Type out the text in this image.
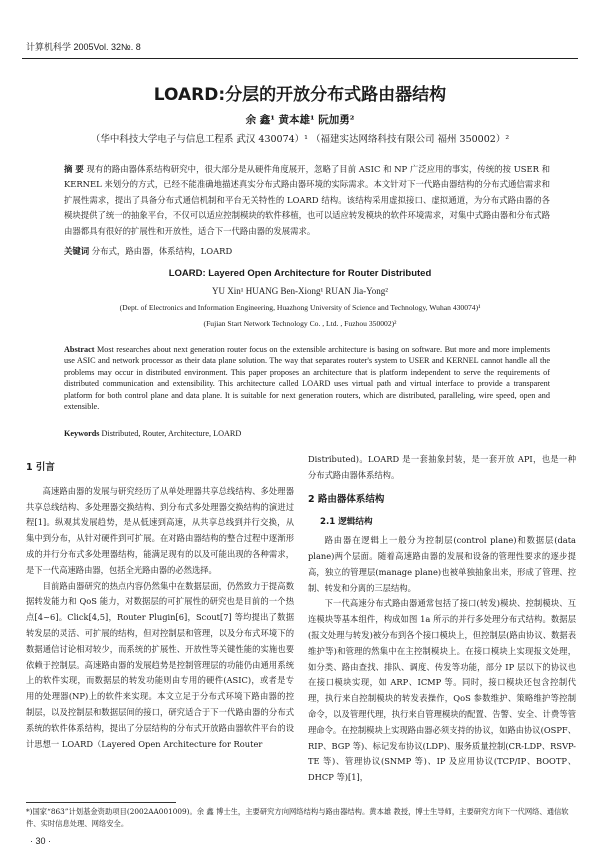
计算机科学 2005Vol. 32№. 8
LOARD:分层的开放分布式路由器结构
余 鑫¹ 黄本雄¹ 阮加勇²
（华中科技大学电子与信息工程系 武汉 430074）¹ （福建实达网络科技有限公司 福州 350002）²
摘 要 现有的路由器体系结构研究中，很大部分是从硬件角度展开，忽略了目前 ASIC 和 NP 广泛应用的事实，传统的按 USER 和 KERNEL 来划分的方式，已经不能准确地描述真实分布式路由器环境的实际需求。本文针对下一代路由器结构的分布式通信需求和扩展性需求，提出了具备分布式通信机制和平台无关特性的 LOARD 结构。该结构采用虚拟接口、虚拟通道，为分布式路由器的各模块提供了统一的抽象平台，不仅可以适应控制模块的软件移植，也可以适应转发模块的软件环境需求，对集中式路由器和分布式路由器都具有很好的扩展性和开放性，适合下一代路由器的发展需求。
关键词 分布式，路由器，体系结构，LOARD
LOARD: Layered Open Architecture for Router Distributed
YU Xin¹ HUANG Ben-Xiong¹ RUAN Jia-Yong²
(Dept. of Electronics and Information Engineering, Huazhong University of Science and Technology, Wuhan 430074)¹
(Fujian Start Network Technology Co. , Ltd. , Fuzhou 350002)²
Abstract Most researches about next generation router focus on the extensible architecture is basing on software. But more and more implements use ASIC and network processor as their data plane solution. The way that separates router's system to USER and KERNEL cannot handle all the problems may occur in distributed environment. This paper proposes an architecture that is platform independent to serve the requirements of distributed communication and extensibility. This architecture called LOARD uses virtual path and virtual interface to provide a transparent platform for both control plane and data plane. It is suitable for next generation routers, which are distributed, paralleling, wire speed, open and extensible.
Keywords Distributed, Router, Architecture, LOARD
1 引言

高速路由器的发展与研究经历了从单处理器共享总线结构、多处理器共享总线结构、多处理器交换结构、到分布式多处理器交换结构的演进过程[1]。纵观其发展趋势，是从低速到高速，从共享总线到并行交换，从集中到分布，从针对硬件到可扩展。在对路由器结构的整合过程中逐渐形成的并行分布式多处理器结构，能满足现有的以及可能出现的各种需求，是下一代高速路由器，包括全光路由器的必然选择。

目前路由器研究的热点内容仍然集中在数据层面，仍然致力于提高数据转发能力和 QoS 能力，对数据层的可扩展性的研究也是目前的一个热点[4~6]。Click[4,5]，Router Plugin[6]，Scout[7] 等均提出了数据转发层的灵活、可扩展的结构，但对控制层和管理，以及分布式环境下的数据通信讨论相对较少，而系统的扩展性、开放性等关键性能的实施也要依赖于控制层。高速路由器的发展趋势是控制管理层的功能仍由通用系统上的软件实现，而数据层的转发功能则由专用的硬件(ASIC)，或者是专用的处理器(NP)上的软件来实现。本文立足于分布式环境下路由器的控制层，以及控制层和数据层间的接口，研究适合于下一代路由器的分布式系统的软件体系结构，提出了分层结构的分布式开放路由器软件平台的设计思想一 LOARD（Layered Open Architecture for Router

Distributed)。LOARD 是一套抽象封装，是一套开放 API，也是一种分布式路由器体系结构。

2 路由器体系结构
2.1 逻辑结构

路由器在逻辑上一般分为控制层(control plane)和数据层(data plane)两个层面。随着高速路由器的发展和设备的管理性要求的逐步提高，独立的管理层(manage plane)也被单独抽象出来，形成了管理、控制、转发和分离的三层结构。

下一代高速分布式路由器通常包括了接口(转发)模块、控制模块、互连模块等基本组件，构成如图 1a 所示的并行多处理分布式结构。数据层(报文处理与转发)被分布到各个接口模块上，但控制层(路由协议、数据表维护等)和管理的然集中在主控制模块上。在接口模块上实现报文处理，如分类、路由查找、排队、调度、传发等功能，部分 IP 层以下的协议也在接口模块实现，如 ARP、ICMP 等。同时，接口模块还包含控制代理，执行来自控制模块的转发表操作，QoS 参数维护、策略维护等控制命令，以及管理代理，执行来自管理模块的配置、告警、安全、计费等管理命令。在控制模块上实现路由器必须支持的协议，如路由协议(OSPF、RIP、BGP 等)、标记发布协议(LDP)、服务质量控制(CR-LDP、RSVP-TE 等)、管理协议(SNMP 等)、IP 及应用协议(TCP/IP、BOOTP、DHCP 等)[1]，

*)国家“863”计划基金资助项目(2002AA001009)。余 鑫 博士生，主要研究方向网络结构与路由器结构。黄本雄 教授，博士生导师，主要研究方向下一代网络、通信软件、实时信息处理、网络安全。
· 30 ·
